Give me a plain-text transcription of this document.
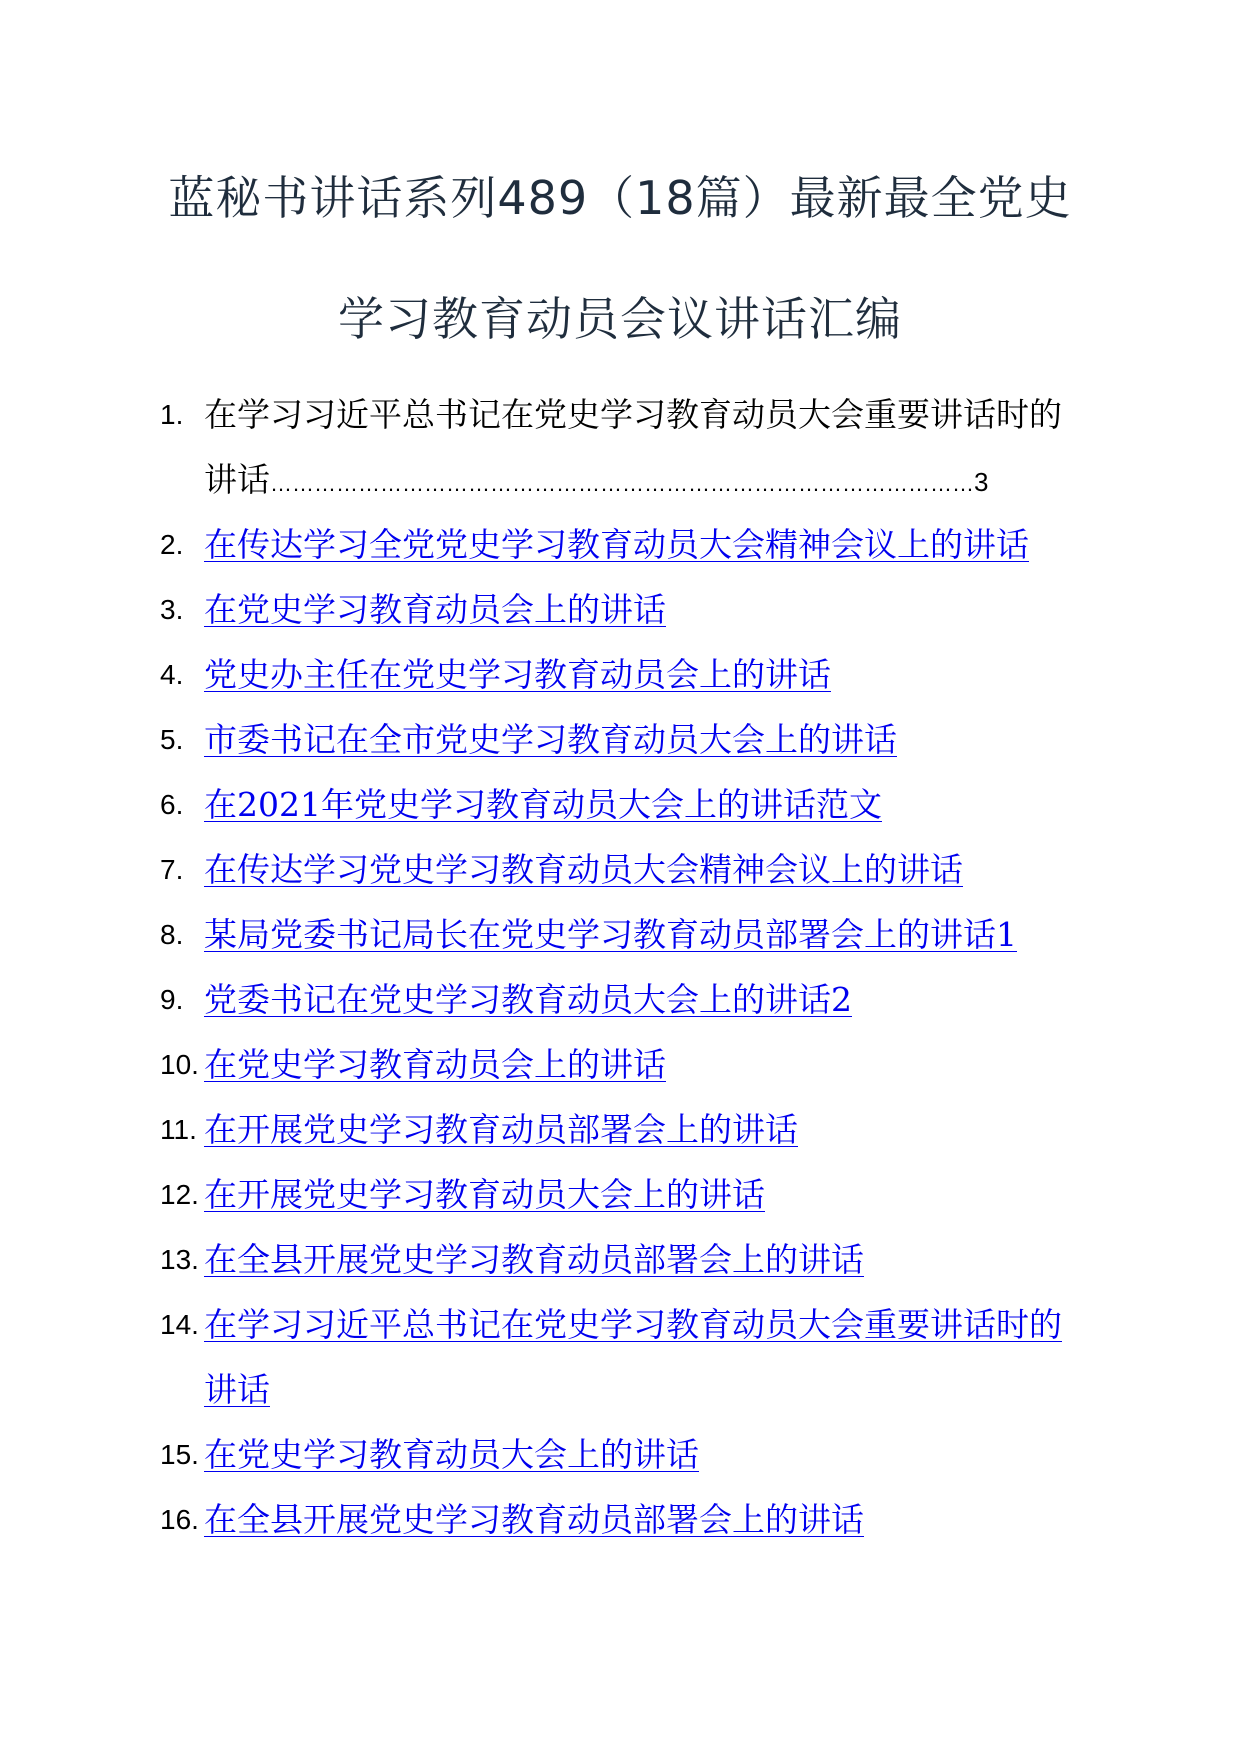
蓝秘书讲话系列489（18篇）最新最全党史
学习教育动员会议讲话汇编
1. 在学习习近平总书记在党史学习教育动员大会重要讲话时的
讲话……………………………………………………………………………………3
2. 在传达学习全党党史学习教育动员大会精神会议上的讲话
3. 在党史学习教育动员会上的讲话
4. 党史办主任在党史学习教育动员会上的讲话
5. 市委书记在全市党史学习教育动员大会上的讲话
6. 在2021年党史学习教育动员大会上的讲话范文
7. 在传达学习党史学习教育动员大会精神会议上的讲话
8. 某局党委书记局长在党史学习教育动员部署会上的讲话1
9. 党委书记在党史学习教育动员大会上的讲话2
10. 在党史学习教育动员会上的讲话
11. 在开展党史学习教育动员部署会上的讲话
12. 在开展党史学习教育动员大会上的讲话
13. 在全县开展党史学习教育动员部署会上的讲话
14. 在学习习近平总书记在党史学习教育动员大会重要讲话时的
讲话
15. 在党史学习教育动员大会上的讲话
16. 在全县开展党史学习教育动员部署会上的讲话
